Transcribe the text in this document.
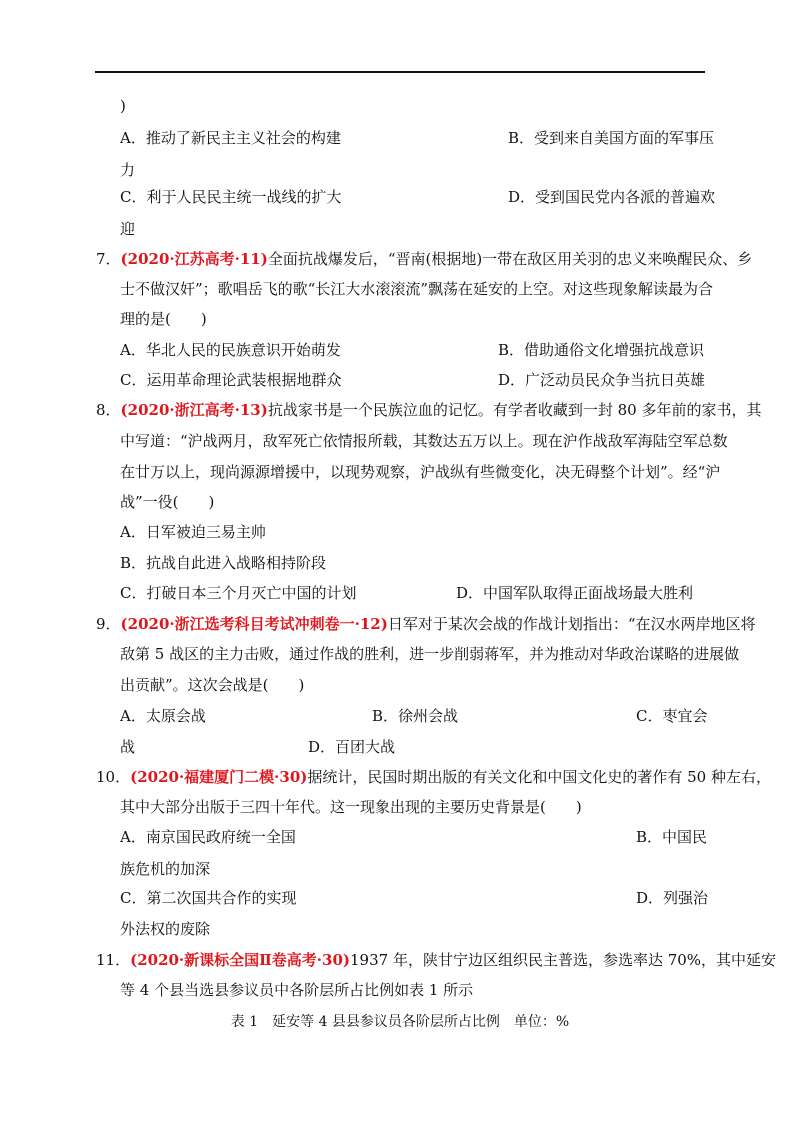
)
A．推动了新民主主义社会的构建	B．受到来自美国方面的军事压
力
C．利于人民民主统一战线的扩大	D．受到国民党内各派的普遍欢
迎
7．(2020·江苏高考·11)全面抗战爆发后，“晋南(根据地)一带在敌区用关羽的忠义来唤醒民众、乡
士不做汉奸”；歌唱岳飞的歌“长江大水滚滚流”飘荡在延安的上空。对这些现象解读最为合
理的是(　　)
A．华北人民的民族意识开始萌发	B．借助通俗文化增强抗战意识
C．运用革命理论武装根据地群众	D．广泛动员民众争当抗日英雄
8．(2020·浙江高考·13)抗战家书是一个民族泣血的记忆。有学者收藏到一封 80 多年前的家书，其
中写道：“沪战两月，敌军死亡依情报所载，其数达五万以上。现在沪作战敌军海陆空军总数
在廿万以上，现尚源源增援中，以现势观察，沪战纵有些微变化，决无碍整个计划”。经“沪
战”一役(　　)
A．日军被迫三易主帅
B．抗战自此进入战略相持阶段
C．打破日本三个月灭亡中国的计划	D．中国军队取得正面战场最大胜利
9．(2020·浙江选考科目考试冲刺卷一·12)日军对于某次会战的作战计划指出：“在汉水两岸地区将
敌第 5 战区的主力击败，通过作战的胜利，进一步削弱蒋军，并为推动对华政治谋略的进展做
出贡献”。这次会战是(　　)
A．太原会战	B．徐州会战	C．枣宜会
战	D．百团大战
10．(2020·福建厦门二模·30)据统计，民国时期出版的有关文化和中国文化史的著作有 50 种左右，
其中大部分出版于三四十年代。这一现象出现的主要历史背景是(　　)
A．南京国民政府统一全国	B．中国民
族危机的加深
C．第二次国共合作的实现	D．列强治
外法权的废除
11．(2020·新课标全国Ⅱ卷高考·30)1937 年，陕甘宁边区组织民主普选，参选率达 70%，其中延安
等 4 个县当选县参议员中各阶层所占比例如表 1 所示
表 1　延安等 4 县县参议员各阶层所占比例　单位：%
